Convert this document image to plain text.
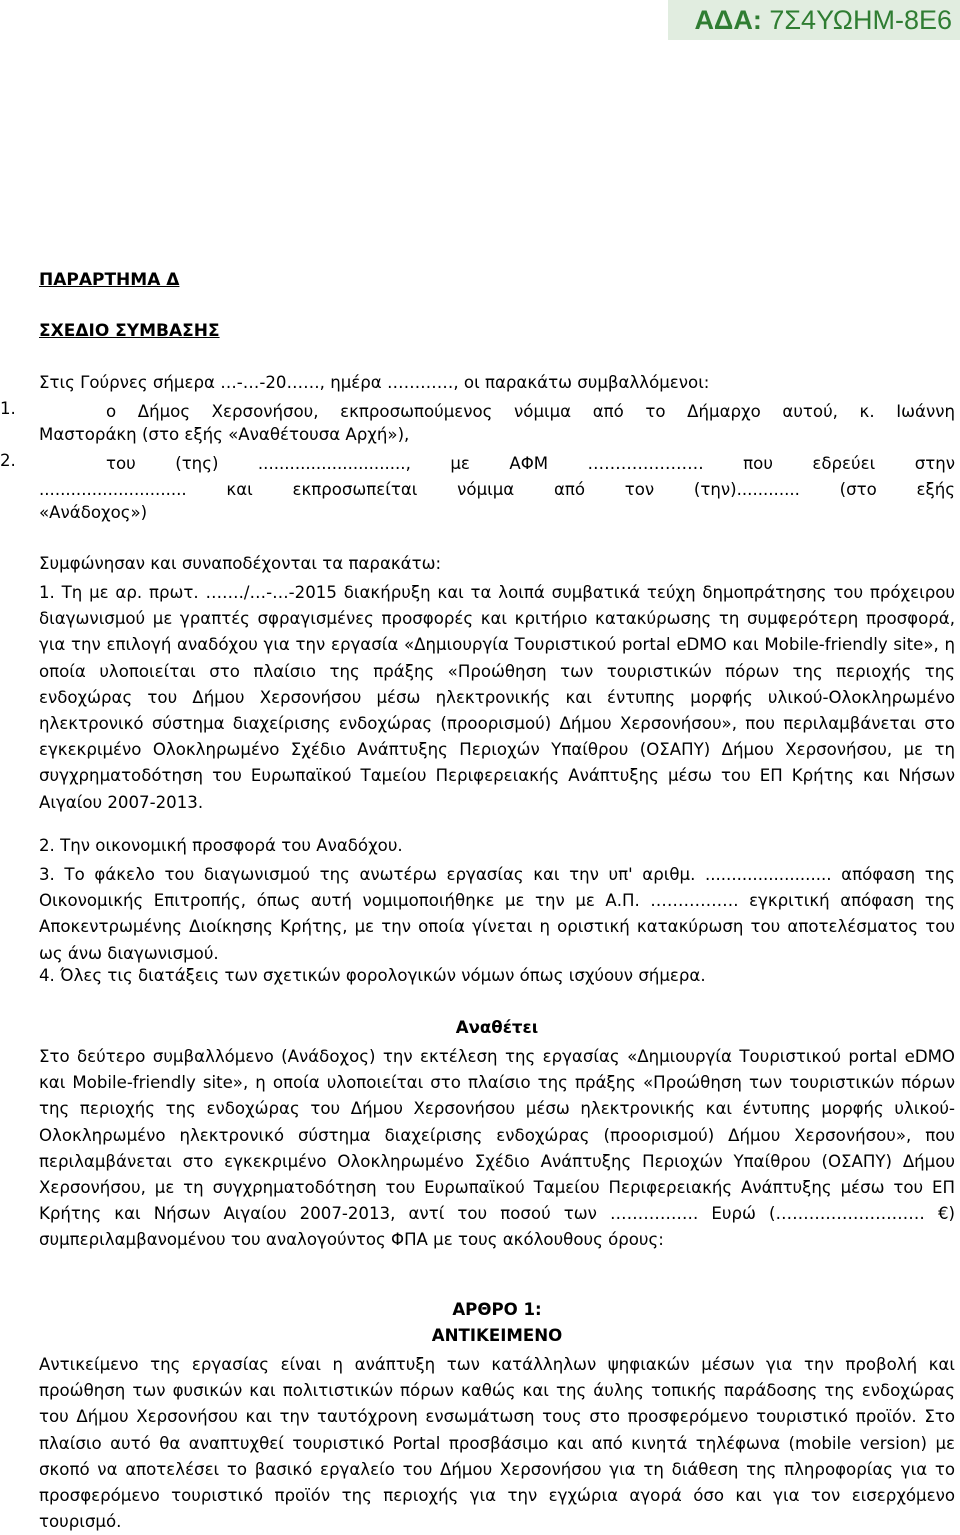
ΑΔΑ: 7Σ4ΥΩΗΜ-8Ε6
ΠΑΡΑΡΤΗΜΑ Δ
ΣΧΕΔΙΟ ΣΥΜΒΑΣΗΣ
Στις Γούρνες σήμερα …-…-20……, ημέρα …………, οι παρακάτω συμβαλλόμενοι:
1.	ο Δήμος Χερσονήσου, εκπροσωπούμενος νόμιμα από το Δήμαρχο αυτού, κ. Ιωάννη
Μαστοράκη (στο εξής «Αναθέτουσα Αρχή»),
2.	του (της) ............................, με ΑΦΜ ………………… που εδρεύει στην
............................ και εκπροσωπείται νόμιμα από τον (την)............ (στο εξής
«Ανάδοχος»)
Συμφώνησαν και συναποδέχονται τα παρακάτω:
1. Τη με αρ. πρωτ. ……./…-…-2015 διακήρυξη και τα λοιπά συμβατικά τεύχη δημοπράτησης του πρόχειρου διαγωνισμού με γραπτές σφραγισμένες προσφορές και κριτήριο κατακύρωσης τη συμφερότερη προσφορά, για την επιλογή αναδόχου για την εργασία «Δημιουργία Τουριστικού portal eDMO και Mobile-friendly site», η οποία υλοποιείται στο πλαίσιο της πράξης «Προώθηση των τουριστικών πόρων της περιοχής της ενδοχώρας του Δήμου Χερσονήσου μέσω ηλεκτρονικής και έντυπης μορφής υλικού-Ολοκληρωμένο ηλεκτρονικό σύστημα διαχείρισης ενδοχώρας (προορισμού) Δήμου Χερσονήσου», που περιλαμβάνεται στο εγκεκριμένο Ολοκληρωμένο Σχέδιο Ανάπτυξης Περιοχών Υπαίθρου (ΟΣΑΠΥ) Δήμου Χερσονήσου, με τη συγχρηματοδότηση του Ευρωπαϊκού Ταμείου Περιφερειακής Ανάπτυξης μέσω του ΕΠ Κρήτης και Νήσων Αιγαίου 2007-2013.
2. Την οικονομική προσφορά του Αναδόχου.
3. Το φάκελο του διαγωνισμού της ανωτέρω εργασίας και την υπ' αριθμ. ........................ απόφαση της Οικονομικής Επιτροπής, όπως αυτή νομιμοποιήθηκε με την με Α.Π. ……………. εγκριτική απόφαση της Αποκεντρωμένης Διοίκησης Κρήτης, με την οποία γίνεται η οριστική κατακύρωση του αποτελέσματος του ως άνω διαγωνισμού.
4. Όλες τις διατάξεις των σχετικών φορολογικών νόμων όπως ισχύουν σήμερα.
Αναθέτει
Στο δεύτερο συμβαλλόμενο (Ανάδοχος) την εκτέλεση της εργασίας «Δημιουργία Τουριστικού portal eDMO και Mobile-friendly site», η οποία υλοποιείται στο πλαίσιο της πράξης «Προώθηση των τουριστικών πόρων της περιοχής της ενδοχώρας του Δήμου Χερσονήσου μέσω ηλεκτρονικής και έντυπης μορφής υλικού-Ολοκληρωμένο ηλεκτρονικό σύστημα διαχείρισης ενδοχώρας (προορισμού) Δήμου Χερσονήσου», που περιλαμβάνεται στο εγκεκριμένο Ολοκληρωμένο Σχέδιο Ανάπτυξης Περιοχών Υπαίθρου (ΟΣΑΠΥ) Δήμου Χερσονήσου, με τη συγχρηματοδότηση του Ευρωπαϊκού Ταμείου Περιφερειακής Ανάπτυξης μέσω του ΕΠ Κρήτης και Νήσων Αιγαίου 2007-2013, αντί του ποσού των ……………. Ευρώ (……………………… €) συμπεριλαμβανομένου του αναλογούντος ΦΠΑ με τους ακόλουθους όρους:
ΑΡΘΡΟ 1:
ΑΝΤΙΚΕΙΜΕΝΟ
Αντικείμενο της εργασίας είναι η ανάπτυξη των κατάλληλων ψηφιακών μέσων για την προβολή και προώθηση των φυσικών και πολιτιστικών πόρων καθώς και της άυλης τοπικής παράδοσης της ενδοχώρας του Δήμου Χερσονήσου και την ταυτόχρονη ενσωμάτωση τους στο προσφερόμενο τουριστικό προϊόν. Στο πλαίσιο αυτό θα αναπτυχθεί τουριστικό Portal προσβάσιμο και από κινητά τηλέφωνα (mobile version) με σκοπό να αποτελέσει το βασικό εργαλείο του Δήμου Χερσονήσου για τη διάθεση της πληροφορίας για το προσφερόμενο τουριστικό προϊόν της περιοχής για την εγχώρια αγορά όσο και για τον εισερχόμενο τουρισμό.
